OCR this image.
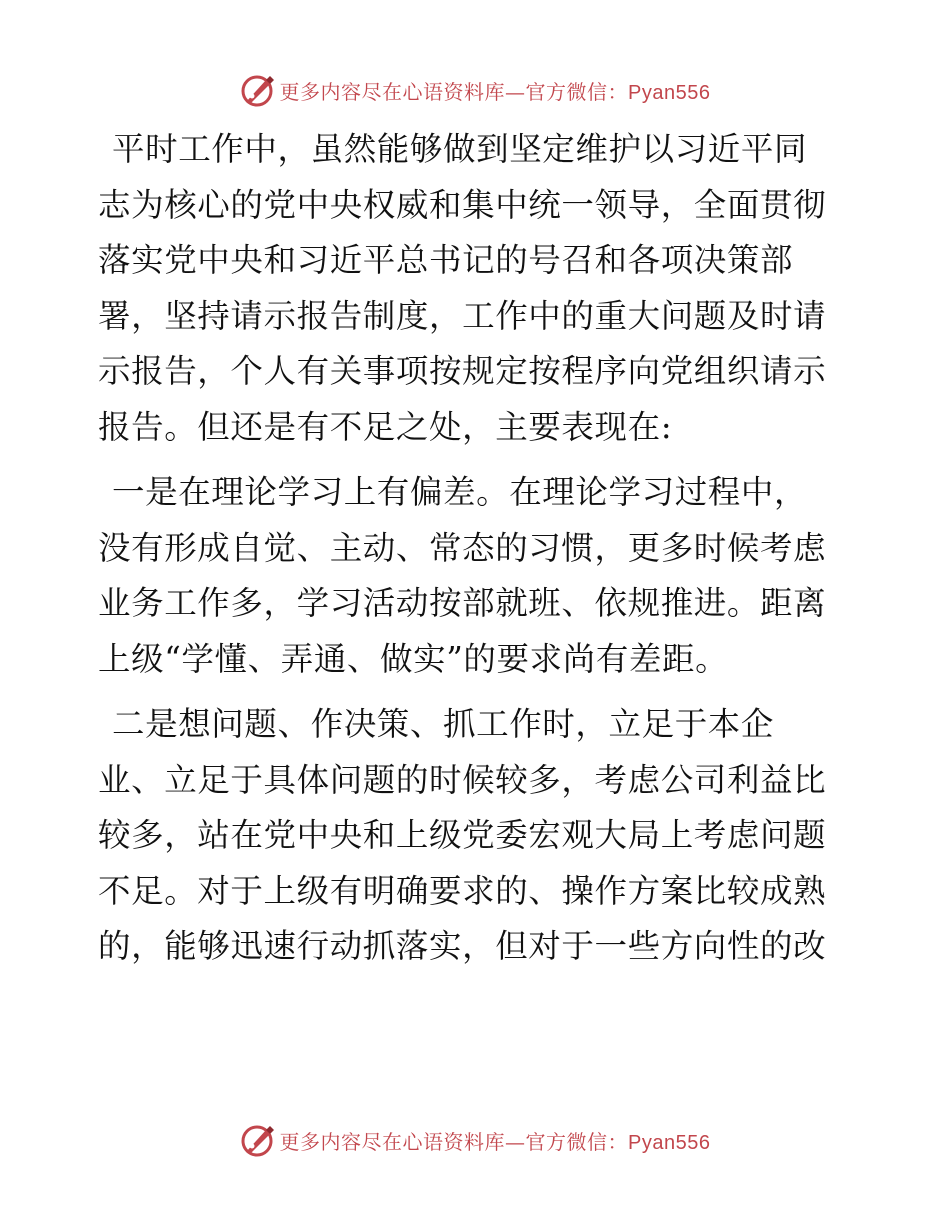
更多内容尽在心语资料库—官方微信：Pyan556
平时工作中，虽然能够做到坚定维护以习近平同
志为核心的党中央权威和集中统一领导，全面贯彻
落实党中央和习近平总书记的号召和各项决策部
署，坚持请示报告制度，工作中的重大问题及时请
示报告，个人有关事项按规定按程序向党组织请示
报告。但还是有不足之处，主要表现在:
一是在理论学习上有偏差。在理论学习过程中，
没有形成自觉、主动、常态的习惯，更多时候考虑
业务工作多，学习活动按部就班、依规推进。距离
上级“学懂、弄通、做实”的要求尚有差距。
二是想问题、作决策、抓工作时，立足于本企
业、立足于具体问题的时候较多，考虑公司利益比
较多，站在党中央和上级党委宏观大局上考虑问题
不足。对于上级有明确要求的、操作方案比较成熟
的，能够迅速行动抓落实，但对于一些方向性的改
更多内容尽在心语资料库—官方微信：Pyan556
